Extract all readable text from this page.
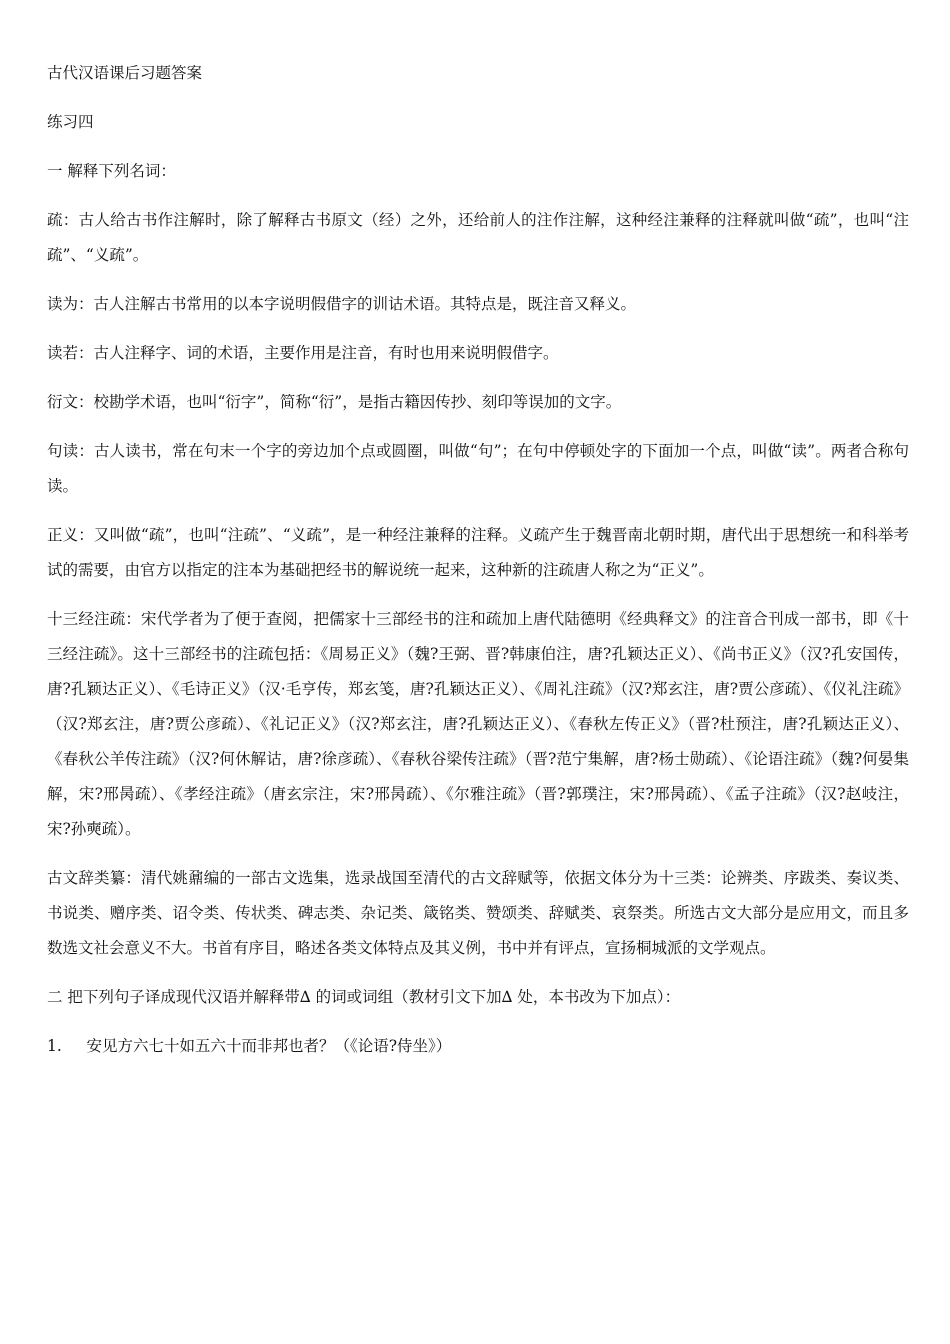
古代汉语课后习题答案

练习四

一 解释下列名词：

疏：古人给古书作注解时，除了解释古书原文（经）之外，还给前人的注作注解，这种经注兼释的注释就叫做“疏”，也叫“注疏”、“义疏”。

读为：古人注解古书常用的以本字说明假借字的训诂术语。其特点是，既注音又释义。

读若：古人注释字、词的术语，主要作用是注音，有时也用来说明假借字。

衍文：校勘学术语，也叫“衍字”，简称“衍”，是指古籍因传抄、刻印等误加的文字。

句读：古人读书，常在句末一个字的旁边加个点或圆圈，叫做“句”；在句中停顿处字的下面加一个点，叫做“读”。两者合称句读。

正义：又叫做“疏”，也叫“注疏”、“义疏”，是一种经注兼释的注释。义疏产生于魏晋南北朝时期，唐代出于思想统一和科举考试的需要，由官方以指定的注本为基础把经书的解说统一起来，这种新的注疏唐人称之为“正义”。

十三经注疏：宋代学者为了便于查阅，把儒家十三部经书的注和疏加上唐代陆德明《经典释文》的注音合刊成一部书，即《十三经注疏》。这十三部经书的注疏包括：《周易正义》（魏?王弼、晋?韩康伯注，唐?孔颖达正义）、《尚书正义》（汉?孔安国传，唐?孔颖达正义）、《毛诗正义》（汉·毛亨传，郑玄笺，唐?孔颖达正义）、《周礼注疏》（汉?郑玄注，唐?贾公彦疏）、《仪礼注疏》（汉?郑玄注，唐?贾公彦疏）、《礼记正义》（汉?郑玄注，唐?孔颖达正义）、《春秋左传正义》（晋?杜预注，唐?孔颖达正义）、《春秋公羊传注疏》（汉?何休解诂，唐?徐彦疏）、《春秋谷梁传注疏》（晋?范宁集解，唐?杨士勋疏）、《论语注疏》（魏?何晏集解，宋?邢昺疏）、《孝经注疏》（唐玄宗注，宋?邢昺疏）、《尔雅注疏》（晋?郭璞注，宋?邢昺疏）、《孟子注疏》（汉?赵岐注，宋?孙奭疏）。

古文辞类纂：清代姚鼐编的一部古文选集，选录战国至清代的古文辞赋等，依据文体分为十三类：论辨类、序跋类、奏议类、书说类、赠序类、诏令类、传状类、碑志类、杂记类、箴铭类、赞颂类、辞赋类、哀祭类。所选古文大部分是应用文，而且多数选文社会意义不大。书首有序目，略述各类文体特点及其义例，书中并有评点，宣扬桐城派的文学观点。

二 把下列句子译成现代汉语并解释带∆ 的词或词组（教材引文下加∆ 处，本书改为下加点）：

1. 安见方六七十如五六十而非邦也者？（《论语?侍坐》）
